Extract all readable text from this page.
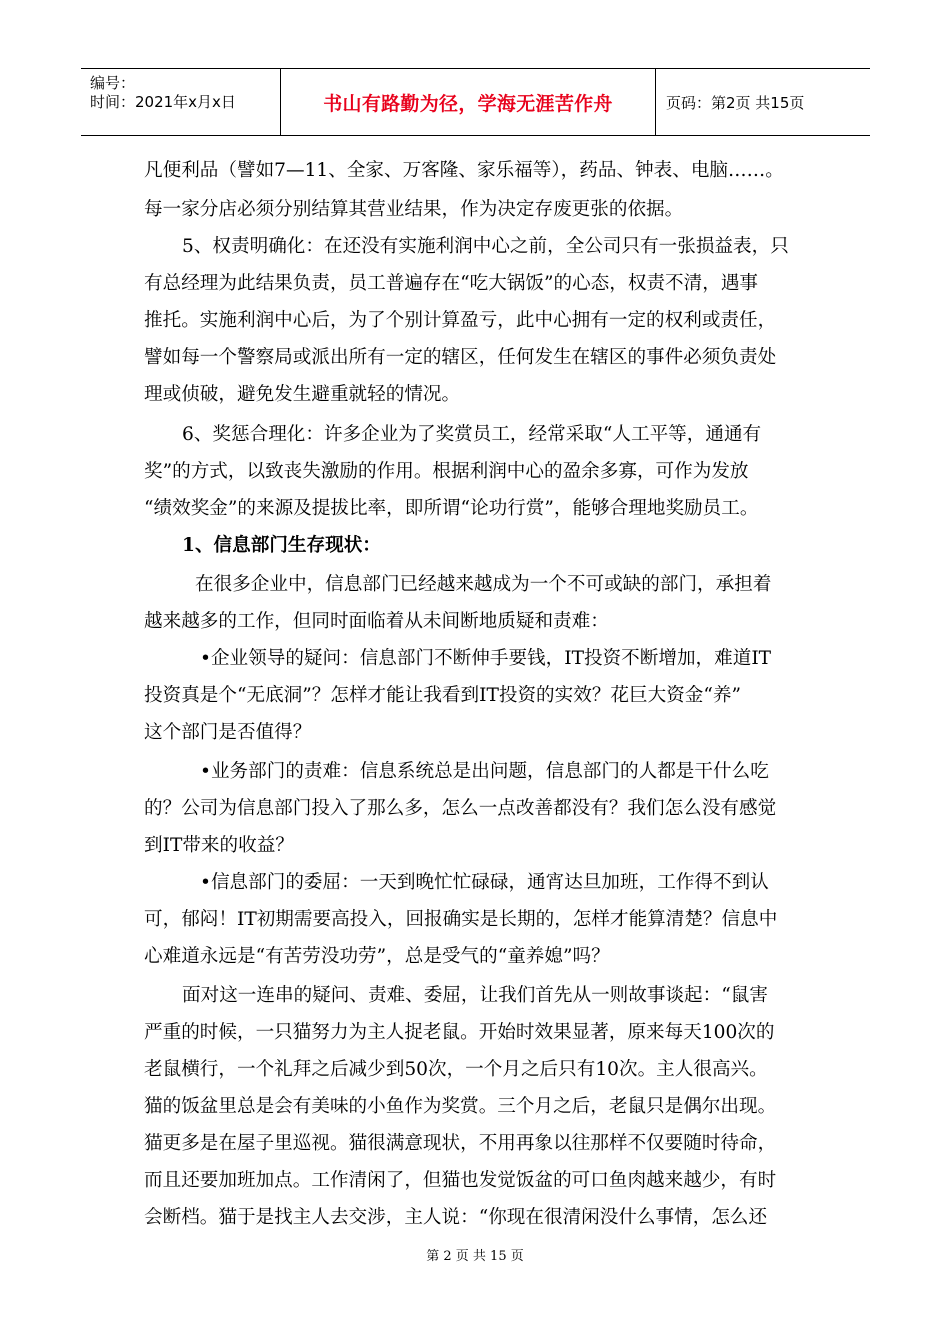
编号：
时间：2021年x月x日	书山有路勤为径，学海无涯苦作舟	页码：第2页 共15页
凡便利品（譬如7—11、全家、万客隆、家乐福等），药品、钟表、电脑……。
每一家分店必须分别结算其营业结果，作为决定存废更张的依据。
5、权责明确化：在还没有实施利润中心之前，全公司只有一张损益表，只
有总经理为此结果负责，员工普遍存在“吃大锅饭”的心态，权责不清，遇事
推托。实施利润中心后，为了个别计算盈亏，此中心拥有一定的权利或责任，
譬如每一个警察局或派出所有一定的辖区，任何发生在辖区的事件必须负责处
理或侦破，避免发生避重就轻的情况。
6、奖惩合理化：许多企业为了奖赏员工，经常采取“人工平等，通通有
奖”的方式，以致丧失激励的作用。根据利润中心的盈余多寡，可作为发放
“绩效奖金”的来源及提拔比率，即所谓“论功行赏”，能够合理地奖励员工。
1、信息部门生存现状：
在很多企业中，信息部门已经越来越成为一个不可或缺的部门，承担着
越来越多的工作，但同时面临着从未间断地质疑和责难：
•企业领导的疑问：信息部门不断伸手要钱，IT投资不断增加，难道IT
投资真是个“无底洞”？怎样才能让我看到IT投资的实效？花巨大资金“养”
这个部门是否值得？
•业务部门的责难：信息系统总是出问题，信息部门的人都是干什么吃
的？公司为信息部门投入了那么多，怎么一点改善都没有？我们怎么没有感觉
到IT带来的收益？
•信息部门的委屈：一天到晚忙忙碌碌，通宵达旦加班，工作得不到认
可，郁闷！IT初期需要高投入，回报确实是长期的，怎样才能算清楚？信息中
心难道永远是“有苦劳没功劳”，总是受气的“童养媳”吗？
面对这一连串的疑问、责难、委屈，让我们首先从一则故事谈起：“鼠害
严重的时候，一只猫努力为主人捉老鼠。开始时效果显著，原来每天100次的
老鼠横行，一个礼拜之后减少到50次，一个月之后只有10次。主人很高兴。
猫的饭盆里总是会有美味的小鱼作为奖赏。三个月之后，老鼠只是偶尔出现。
猫更多是在屋子里巡视。猫很满意现状，不用再象以往那样不仅要随时待命，
而且还要加班加点。工作清闲了，但猫也发觉饭盆的可口鱼肉越来越少，有时
会断档。猫于是找主人去交涉，主人说：“你现在很清闲没什么事情，怎么还
第 2 页 共 15 页
